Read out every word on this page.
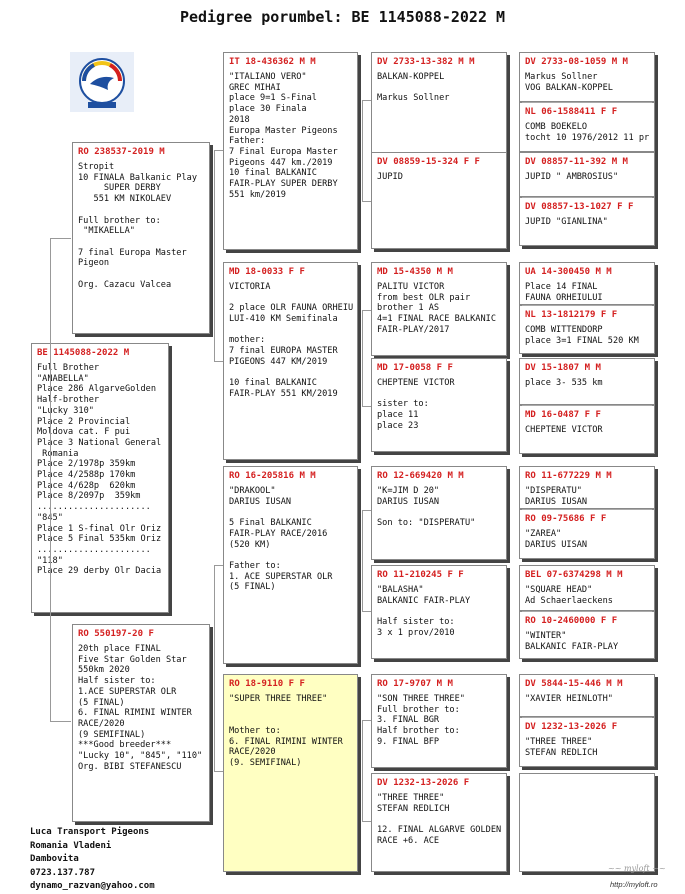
Pedigree porumbel: BE 1145088-2022 M
BE 1145088-2022 M
Full Brother
"ANABELLA"
Place 286 AlgarveGolden
Half-brother
"Lucky 310"
Place 2 Provincial
Moldova cat. F pui
Place 3 National General
Romania
Place 2/1978p 359km
Place 4/2588p 170km
Place 4/628p  620km
Place 8/2097p  359km
......................
"845"
Place 1 S-final Olr Oriz
Place 5 Final 535km Oriz
......................
"118"
Place 29 derby Olr Dacia
RO 238537-2019 M
Stropit
10 FINALA Balkanic Play
SUPER DERBY
551 KM NIKOLAEV
Full brother to:
"MIKAELLA"
7 final Europa Master
Pigeon
Org. Cazacu Valcea
RO 550197-20 F
20th place FINAL
Five Star Golden Star
550km 2020
Half sister to:
1.ACE SUPERSTAR OLR
(5 FINAL)
6. FINAL RIMINI WINTER
RACE/2020
(9 SEMIFINAL)
***Good breeder***
"Lucky 10", "845", "110"
Org. BIBI STEFANESCU
IT 18-436362 M M
"ITALIANO VERO"
GREC MIHAI
place 9=1 S-Final
place 30 Finala
2018
Europa Master Pigeons
Father:
7 Final Europa Master
Pigeons 447 km./2019
10 final BALKANIC
FAIR-PLAY SUPER DERBY
551 km/2019
MD 18-0033 F F
VICTORIA
2 place OLR FAUNA ORHEIU
LUI-410 KM Semifinala
mother:
7 final EUROPA MASTER
PIGEONS 447 KM/2019
10 final BALKANIC
FAIR-PLAY 551 KM/2019
RO 16-205816 M M
"DRAKOOL"
DARIUS IUSAN
5 Final BALKANIC
FAIR-PLAY RACE/2016
(520 KM)
Father to:
1. ACE SUPERSTAR OLR
(5 FINAL)
RO 18-9110 F F
"SUPER THREE THREE"
Mother to:
6. FINAL RIMINI WINTER
RACE/2020
(9. SEMIFINAL)
DV 2733-13-382 M M
BALKAN-KOPPEL
Markus Sollner
DV 08859-15-324 F F
JUPID
MD 15-4350 M M
PALITU VICTOR
from best OLR pair
brother 1 AS
4=1 FINAL RACE BALKANIC
FAIR-PLAY/2017
MD 17-0058 F F
CHEPTENE VICTOR
sister to:
place 11
place 23
RO 12-669420 M M
"K=JIM D 20"
DARIUS IUSAN
Son to: "DISPERATU"
RO 11-210245 F F
"BALASHA"
BALKANIC FAIR-PLAY
Half sister to:
3 x 1 prov/2010
RO 17-9707 M M
"SON THREE THREE"
Full brother to:
3. FINAL BGR
Half brother to:
9. FINAL BFP
DV 1232-13-2026 F
"THREE THREE"
STEFAN REDLICH
12. FINAL ALGARVE GOLDEN
RACE +6. ACE
DV 2733-08-1059 M M
Markus Sollner
VOG BALKAN-KOPPEL
NL 06-1588411 F F
COMB BOEKELO
tocht 10 1976/2012 11 pr
DV 08857-11-392 M M
JUPID " AMBROSIUS"
DV 08857-13-1027 F F
JUPID "GIANLINA"
UA 14-300450 M M
Place 14 FINAL
FAUNA ORHEIULUI
NL 13-1812179 F F
COMB WITTENDORP
place 3=1 FINAL 520 KM
DV 15-1807 M M
place 3- 535 km
MD 16-0487 F F
CHEPTENE VICTOR
RO 11-677229 M M
"DISPERATU"
DARIUS IUSAN
RO 09-75686 F F
"ZAREA"
DARIUS UISAN
BEL 07-6374298 M M
"SQUARE HEAD"
Ad Schaerlaeckens
RO 10-2460000 F F
"WINTER"
BALKANIC FAIR-PLAY
DV 5844-15-446 M M
"XAVIER HEINLOTH"
DV 1232-13-2026 F
"THREE THREE"
STEFAN REDLICH
Luca Transport Pigeons
Romania Vladeni
Dambovita
0723.137.787
dynamo_razvan@yahoo.com
~~ myloft ~~
http://myloft.ro
